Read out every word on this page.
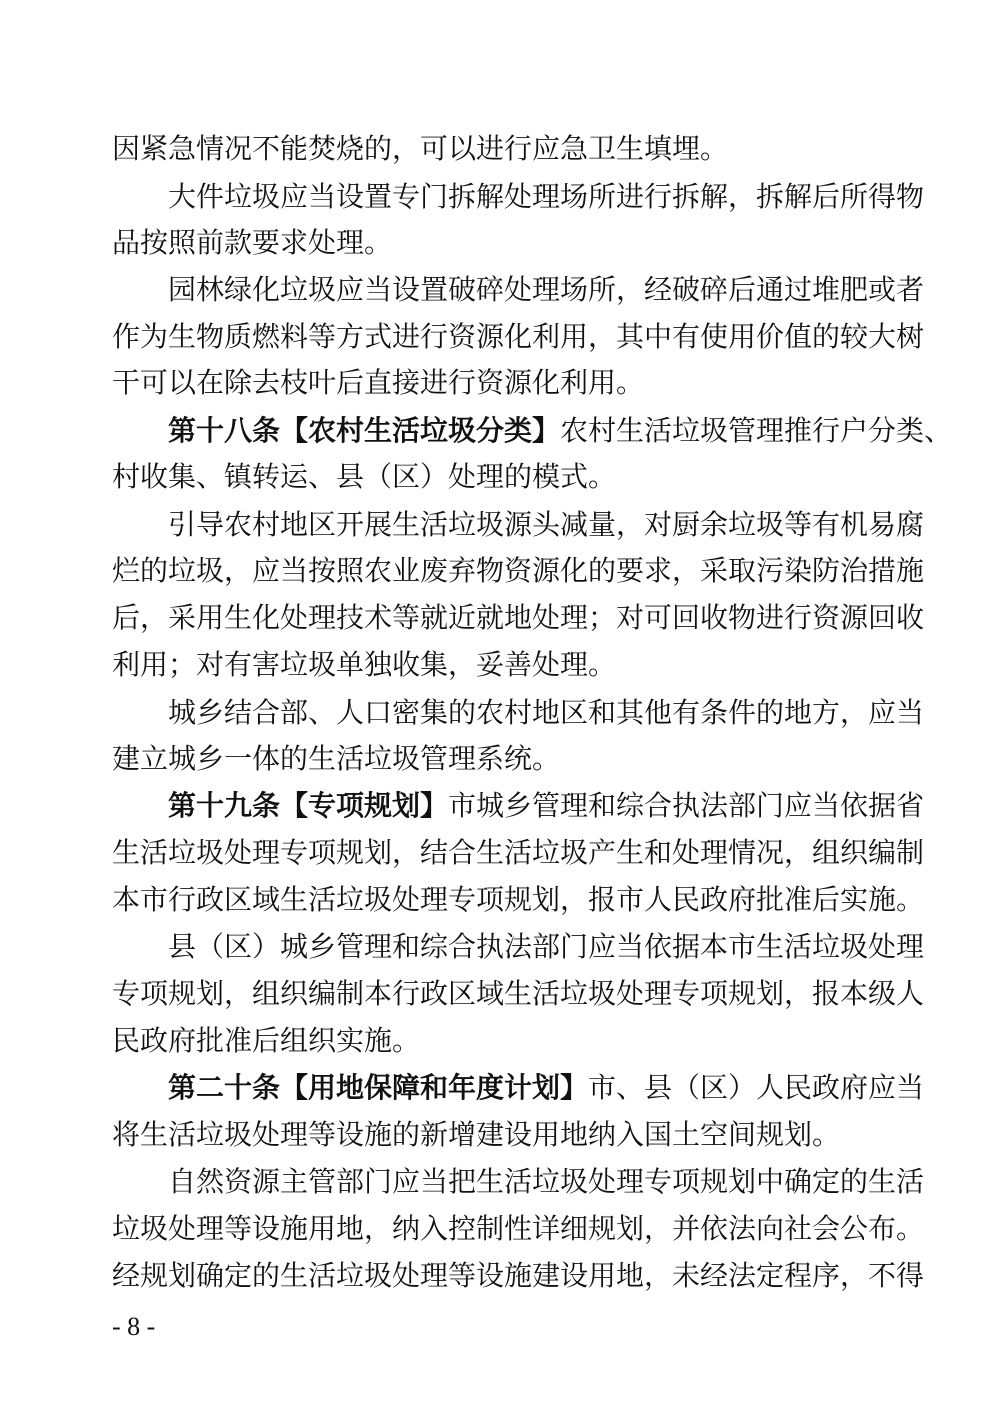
因紧急情况不能焚烧的，可以进行应急卫生填埋。
大件垃圾应当设置专门拆解处理场所进行拆解，拆解后所得物
品按照前款要求处理。
园林绿化垃圾应当设置破碎处理场所，经破碎后通过堆肥或者
作为生物质燃料等方式进行资源化利用，其中有使用价值的较大树
干可以在除去枝叶后直接进行资源化利用。
第十八条【农村生活垃圾分类】农村生活垃圾管理推行户分类、
村收集、镇转运、县（区）处理的模式。
引导农村地区开展生活垃圾源头减量，对厨余垃圾等有机易腐
烂的垃圾，应当按照农业废弃物资源化的要求，采取污染防治措施
后，采用生化处理技术等就近就地处理；对可回收物进行资源回收
利用；对有害垃圾单独收集，妥善处理。
城乡结合部、人口密集的农村地区和其他有条件的地方，应当
建立城乡一体的生活垃圾管理系统。
第十九条【专项规划】市城乡管理和综合执法部门应当依据省
生活垃圾处理专项规划，结合生活垃圾产生和处理情况，组织编制
本市行政区域生活垃圾处理专项规划，报市人民政府批准后实施。
县（区）城乡管理和综合执法部门应当依据本市生活垃圾处理
专项规划，组织编制本行政区域生活垃圾处理专项规划，报本级人
民政府批准后组织实施。
第二十条【用地保障和年度计划】市、县（区）人民政府应当
将生活垃圾处理等设施的新增建设用地纳入国土空间规划。
自然资源主管部门应当把生活垃圾处理专项规划中确定的生活
垃圾处理等设施用地，纳入控制性详细规划，并依法向社会公布。
经规划确定的生活垃圾处理等设施建设用地，未经法定程序，不得
- 8 -
